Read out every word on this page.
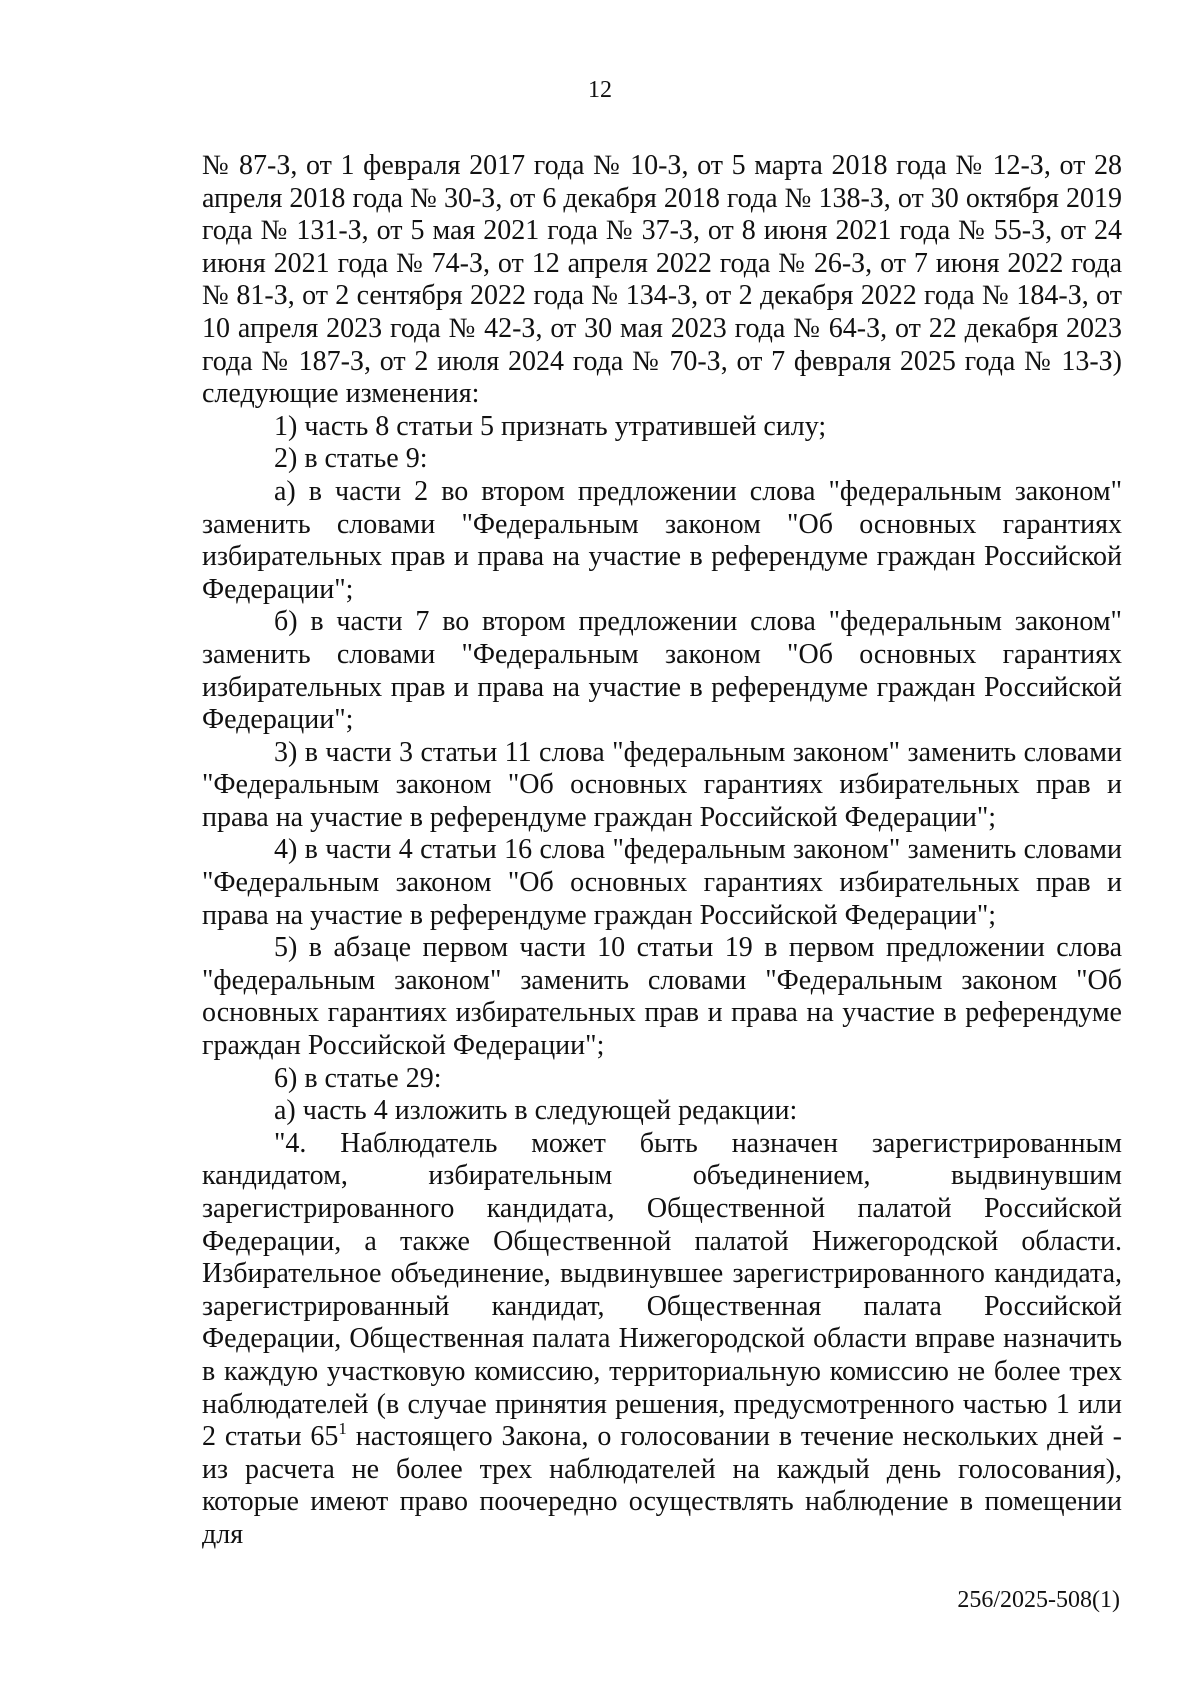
12

№ 87-З, от 1 февраля 2017 года № 10-З, от 5 марта 2018 года № 12-З, от 28 апреля 2018 года № 30-З, от 6 декабря 2018 года № 138-З, от 30 октября 2019 года № 131-З, от 5 мая 2021 года № 37-З, от 8 июня 2021 года № 55-З, от 24 июня 2021 года № 74-З, от 12 апреля 2022 года № 26-З, от 7 июня 2022 года № 81-З, от 2 сентября 2022 года № 134-З, от 2 декабря 2022 года № 184-З, от 10 апреля 2023 года № 42-З, от 30 мая 2023 года № 64-З, от 22 декабря 2023 года № 187-З, от 2 июля 2024 года № 70-З, от 7 февраля 2025 года № 13-З) следующие изменения:

1) часть 8 статьи 5 признать утратившей силу;

2) в статье 9:

а) в части 2 во втором предложении слова "федеральным законом" заменить словами "Федеральным законом "Об основных гарантиях избирательных прав и права на участие в референдуме граждан Российской Федерации";

б) в части 7 во втором предложении слова "федеральным законом" заменить словами "Федеральным законом "Об основных гарантиях избирательных прав и права на участие в референдуме граждан Российской Федерации";

3) в части 3 статьи 11 слова "федеральным законом" заменить словами "Федеральным законом "Об основных гарантиях избирательных прав и права на участие в референдуме граждан Российской Федерации";

4) в части 4 статьи 16 слова "федеральным законом" заменить словами "Федеральным законом "Об основных гарантиях избирательных прав и права на участие в референдуме граждан Российской Федерации";

5) в абзаце первом части 10 статьи 19 в первом предложении слова "федеральным законом" заменить словами "Федеральным законом "Об основных гарантиях избирательных прав и права на участие в референдуме граждан Российской Федерации";

6) в статье 29:

а) часть 4 изложить в следующей редакции:

"4. Наблюдатель может быть назначен зарегистрированным кандидатом, избирательным объединением, выдвинувшим зарегистрированного кандидата, Общественной палатой Российской Федерации, а также Общественной палатой Нижегородской области. Избирательное объединение, выдвинувшее зарегистрированного кандидата, зарегистрированный кандидат, Общественная палата Российской Федерации, Общественная палата Нижегородской области вправе назначить в каждую участковую комиссию, территориальную комиссию не более трех наблюдателей (в случае принятия решения, предусмотренного частью 1 или 2 статьи $65^1$ настоящего Закона, о голосовании в течение нескольких дней - из расчета не более трех наблюдателей на каждый день голосования), которые имеют право поочередно осуществлять наблюдение в помещении для

256/2025-508(1)
